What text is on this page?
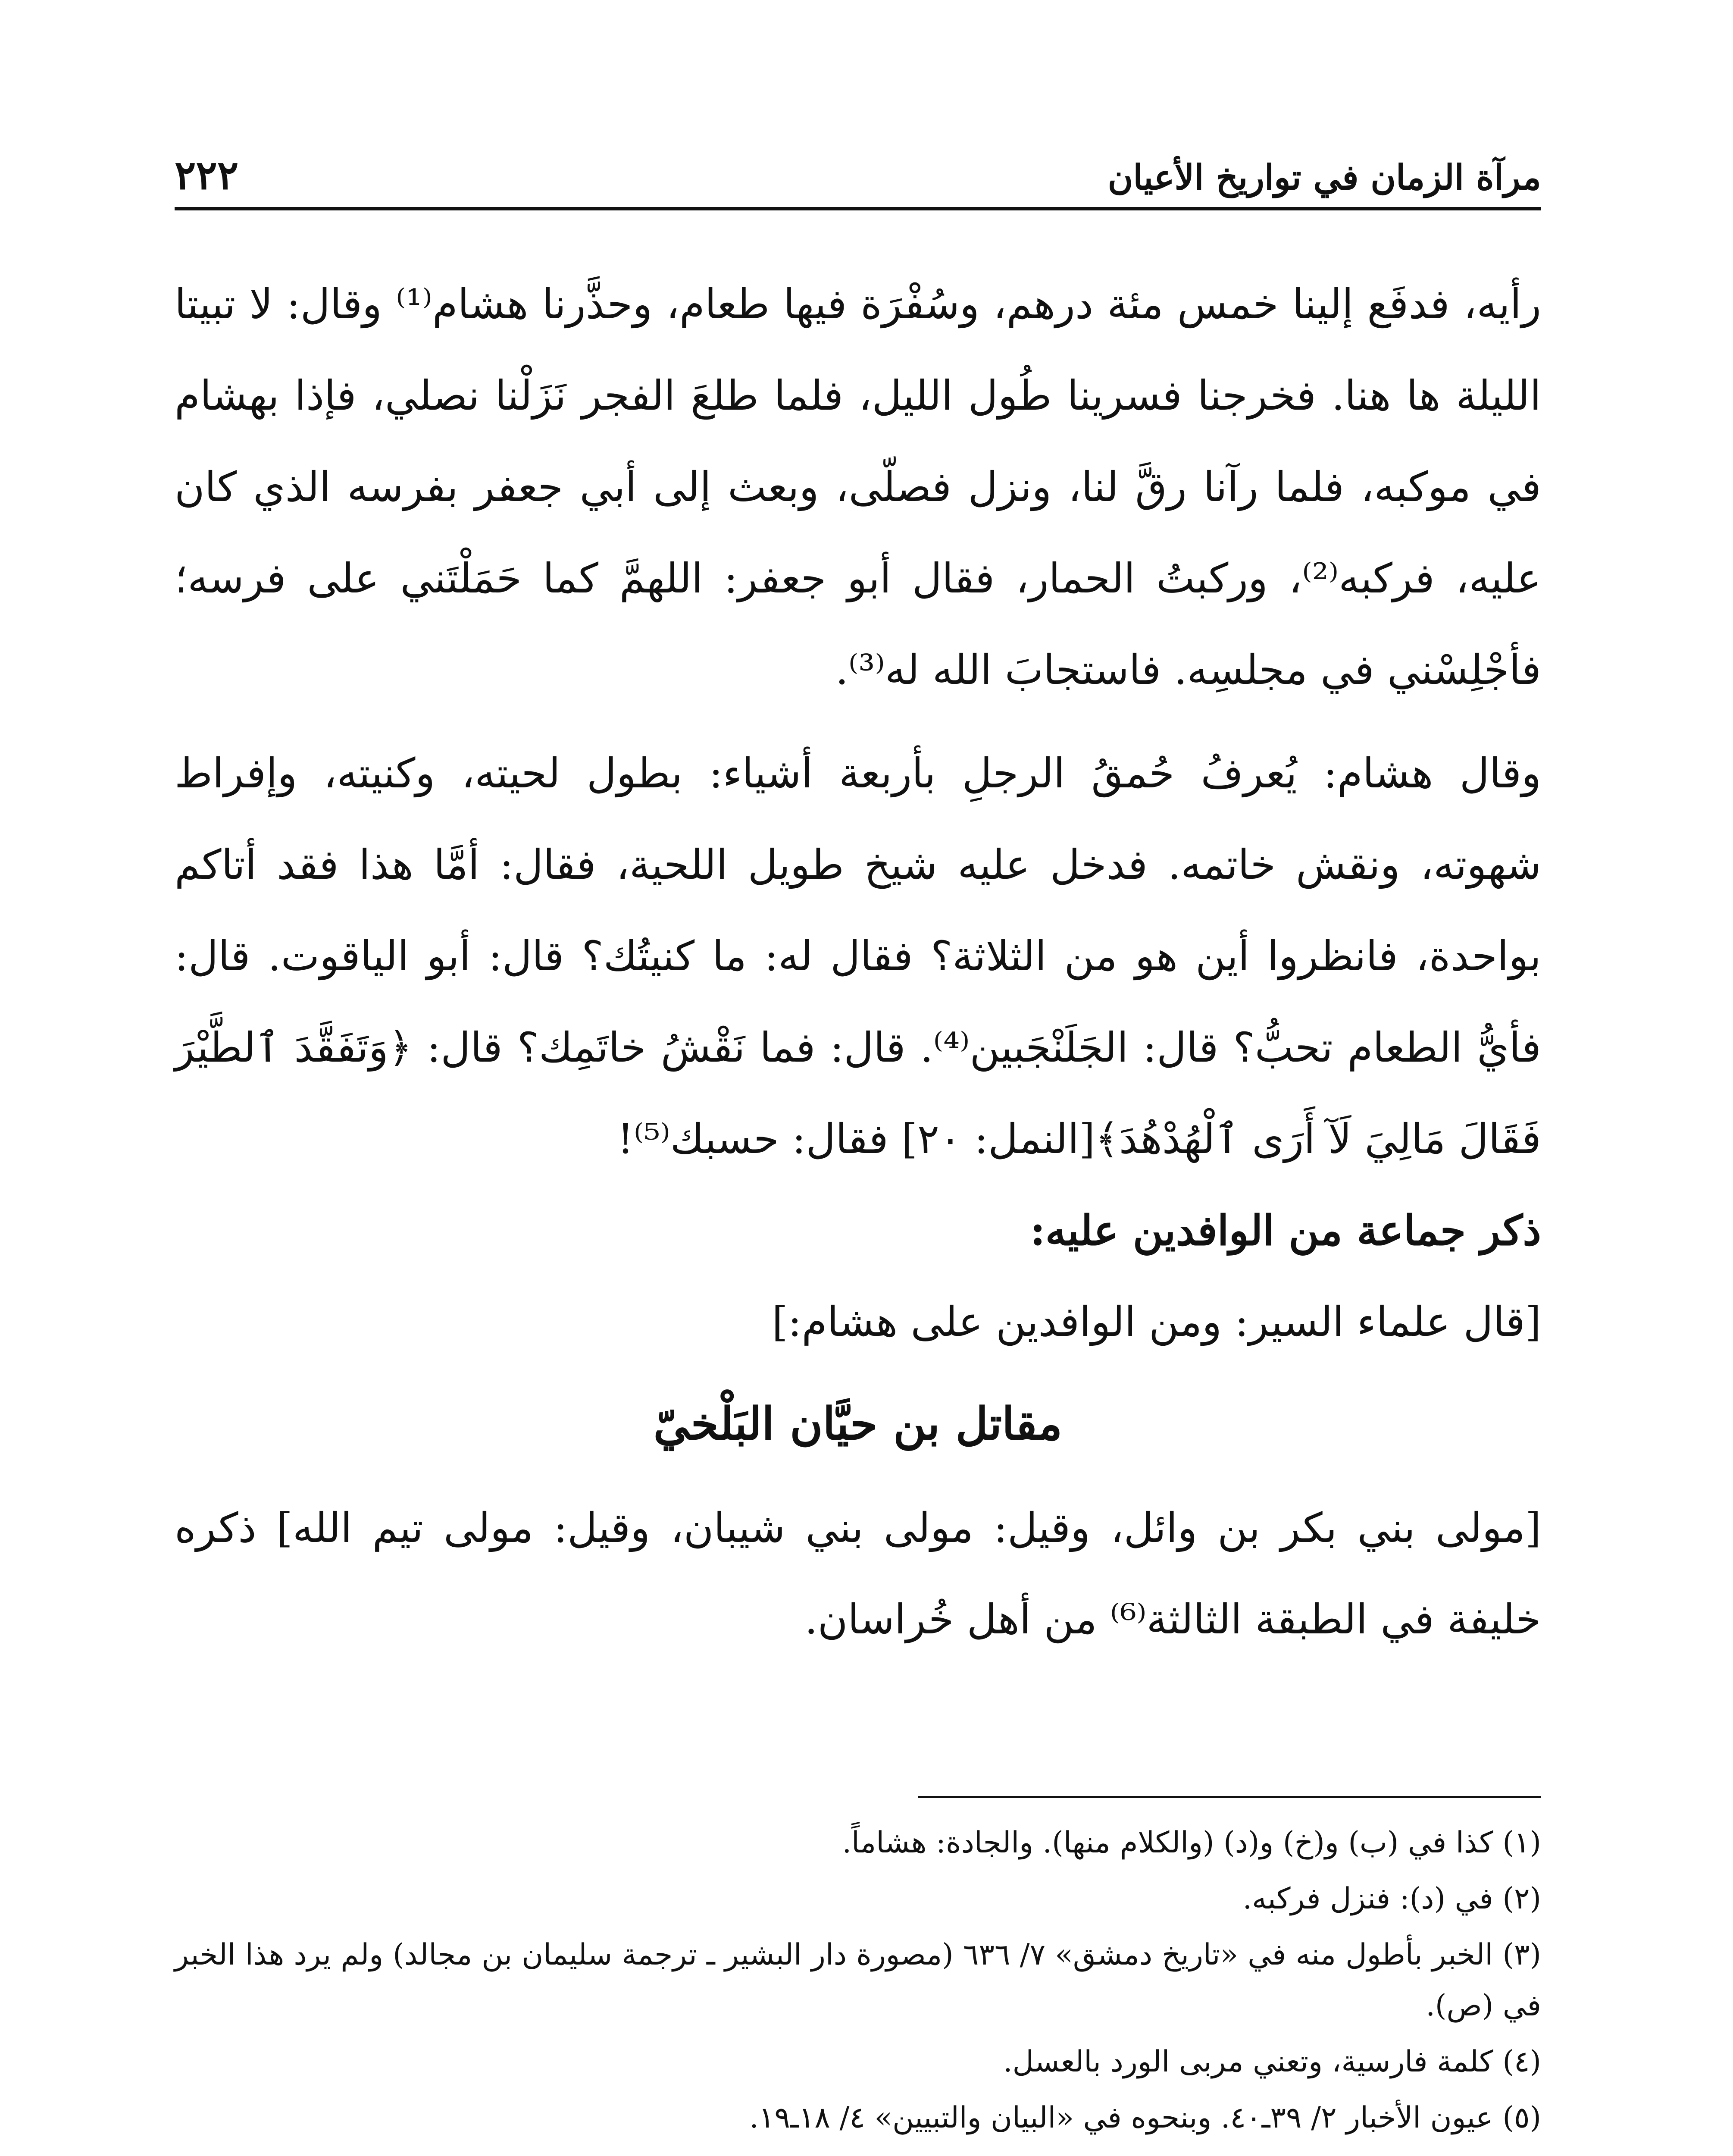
٢٢٢	مرآة الزمان في تواريخ الأعيان

رأيه، فدفَع إلينا خمس مئة درهم، وسُفْرَة فيها طعام، وحذَّرنا هشام⁽¹⁾ وقال: لا تبيتا الليلة ها هنا. فخرجنا فسرينا طُول الليل، فلما طلعَ الفجر نَزَلْنا نصلي، فإذا بهشام في موكبه، فلما رآنا رقَّ لنا، ونزل فصلّى، وبعث إلى أبي جعفر بفرسه الذي كان عليه، فركبه⁽²⁾، وركبتُ الحمار، فقال أبو جعفر: اللهمَّ كما حَمَلْتَني على فرسه؛ فأجْلِسْني في مجلسِه. فاستجابَ الله له⁽³⁾.

وقال هشام: يُعرفُ حُمقُ الرجلِ بأربعة أشياء: بطول لحيته، وكنيته، وإفراط شهوته، ونقش خاتمه. فدخل عليه شيخ طويل اللحية، فقال: أمَّا هذا فقد أتاكم بواحدة، فانظروا أين هو من الثلاثة؟ فقال له: ما كنيتُك؟ قال: أبو الياقوت. قال: فأيُّ الطعام تحبُّ؟ قال: الجَلَنْجَبين⁽⁴⁾. قال: فما نَقْشُ خاتَمِك؟ قال: ﴿وَتَفَقَّدَ ٱلطَّيْرَ فَقَالَ مَالِيَ لَآ أَرَى ٱلْهُدْهُدَ﴾[النمل: ٢٠] فقال: حسبك⁽⁵⁾!

ذكر جماعة من الوافدين عليه:

[قال علماء السير: ومن الوافدين على هشام:]

مقاتل بن حيَّان البَلْخيّ

[مولى بني بكر بن وائل، وقيل: مولى بني شيبان، وقيل: مولى تيم الله] ذكره خليفة في الطبقة الثالثة⁽⁶⁾ من أهل خُراسان.

(١) كذا في (ب) و(خ) و(د) (والكلام منها). والجادة: هشاماً.

(٢) في (د): فنزل فركبه.

(٣) الخبر بأطول منه في «تاريخ دمشق» ٧/ ٦٣٦ (مصورة دار البشير ـ ترجمة سليمان بن مجالد) ولم يرد هذا الخبر في (ص).

(٤) كلمة فارسية، وتعني مربى الورد بالعسل.

(٥) عيون الأخبار ٢/ ٣٩ـ٤٠. وبنحوه في «البيان والتبيين» ٤/ ١٨ـ١٩.
